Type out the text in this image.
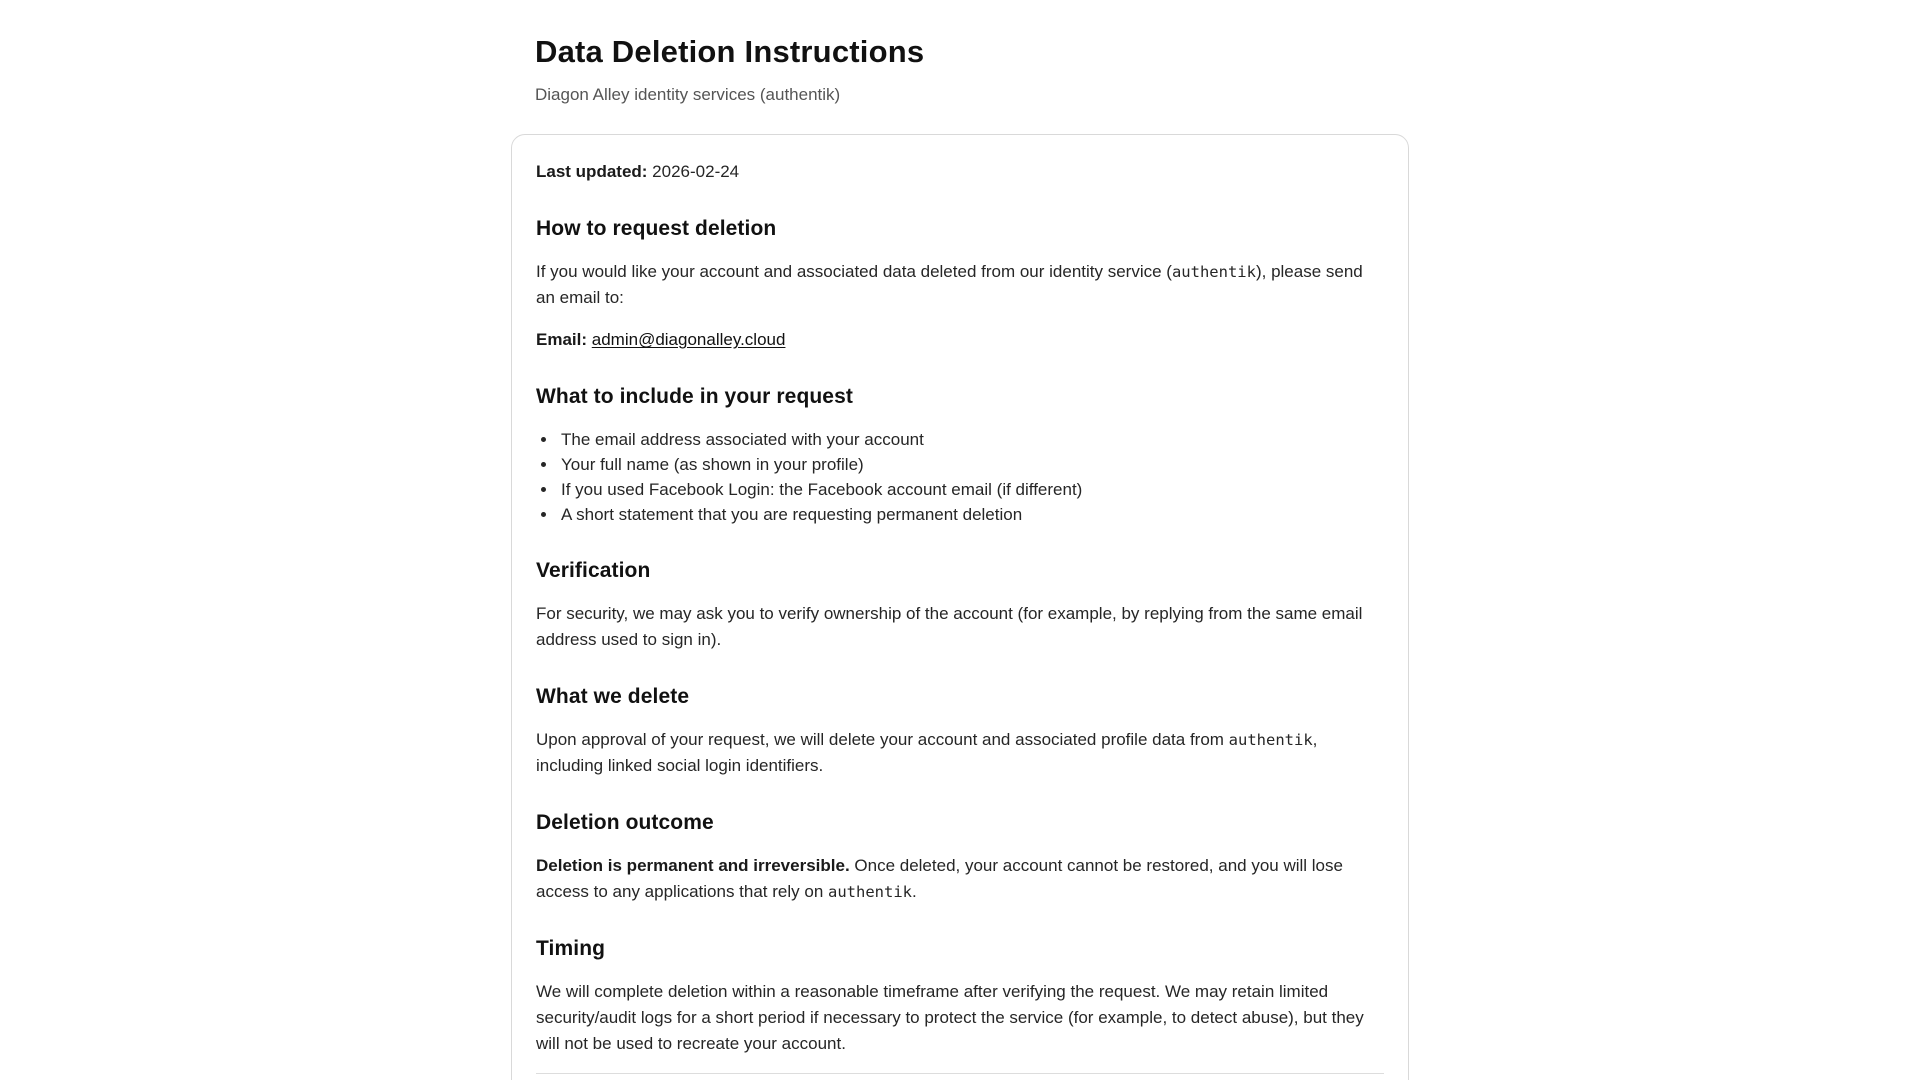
Data Deletion Instructions

Diagon Alley identity services (authentik)

Last updated: 2026-02-24

How to request deletion

If you would like your account and associated data deleted from our identity service (authentik), please send an email to:

Email: admin@diagonalley.cloud

What to include in your request
• The email address associated with your account
• Your full name (as shown in your profile)
• If you used Facebook Login: the Facebook account email (if different)
• A short statement that you are requesting permanent deletion
Verification

For security, we may ask you to verify ownership of the account (for example, by replying from the same email address used to sign in).

What we delete

Upon approval of your request, we will delete your account and associated profile data from authentik, including linked social login identifiers.

Deletion outcome

Deletion is permanent and irreversible. Once deleted, your account cannot be restored, and you will lose access to any applications that rely on authentik.

Timing

We will complete deletion within a reasonable timeframe after verifying the request. We may retain limited security/audit logs for a short period if necessary to protect the service (for example, to detect abuse), but they will not be used to recreate your account.
